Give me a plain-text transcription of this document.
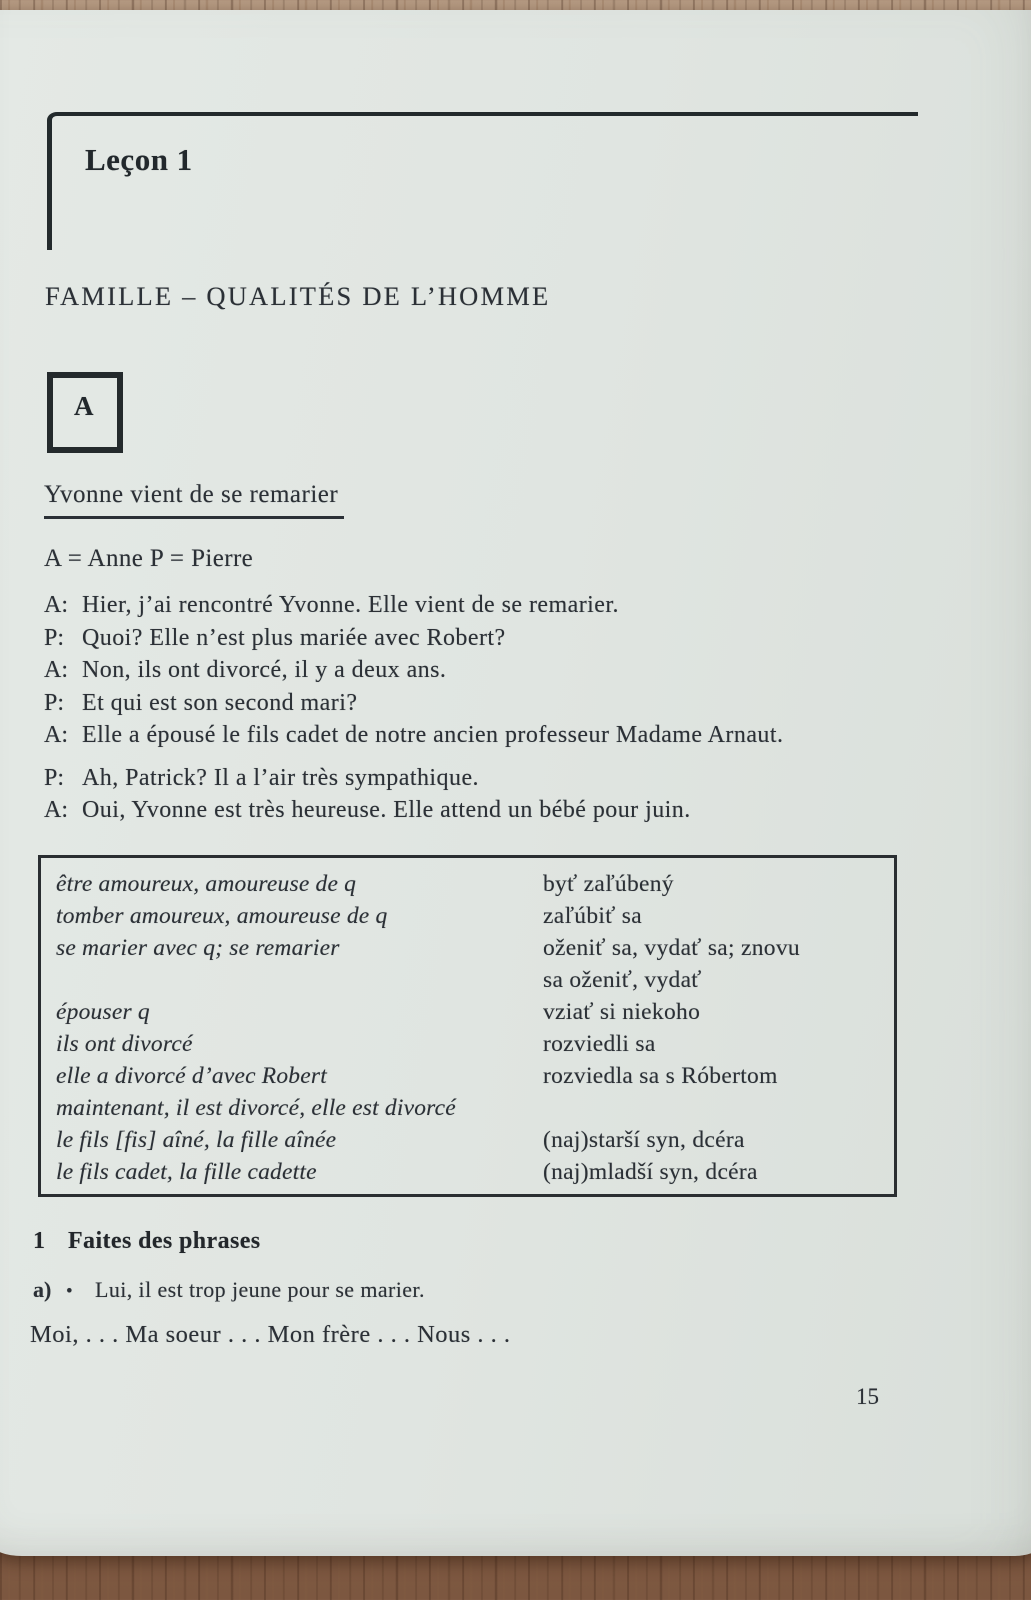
Leçon 1
FAMILLE – QUALITÉS DE L’HOMME
A
Yvonne vient de se remarier
A = Anne P = Pierre
A: Hier, j’ai rencontré Yvonne. Elle vient de se remarier.
P: Quoi? Elle n’est plus mariée avec Robert?
A: Non, ils ont divorcé, il y a deux ans.
P: Et qui est son second mari?
A: Elle a épousé le fils cadet de notre ancien professeur Madame Arnaut.
P: Ah, Patrick? Il a l’air très sympathique.
A: Oui, Yvonne est très heureuse. Elle attend un bébé pour juin.
être amoureux, amoureuse de q	byť zaľúbený
tomber amoureux, amoureuse de q	zaľúbiť sa
se marier avec q; se remarier	oženiť sa, vydať sa; znovu
sa oženiť, vydať
épouser q	vziať si niekoho
ils ont divorcé	rozviedli sa
elle a divorcé d’avec Robert	rozviedla sa s Róbertom
maintenant, il est divorcé, elle est divorcé
le fils [fis] aîné, la fille aînée	(naj)starší syn, dcéra
le fils cadet, la fille cadette	(naj)mladší syn, dcéra
1 Faites des phrases
a) •	Lui, il est trop jeune pour se marier.
Moi, . . . Ma soeur . . . Mon frère . . . Nous . . .
15
